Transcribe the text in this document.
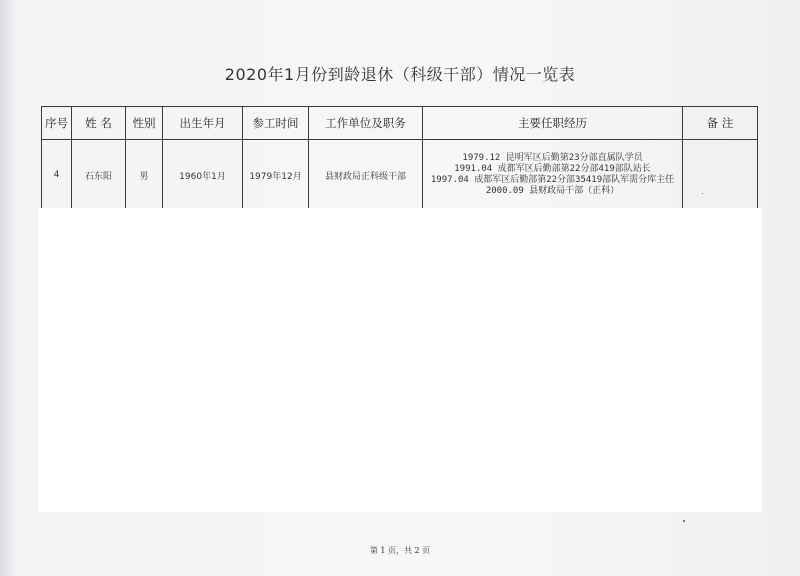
2020年1月份到龄退休（科级干部）情况一览表
序号	姓 名	性别	出生年月	参工时间	工作单位及职务	主要任职经历	备 注
4	石东阳	男	1960年1月	1979年12月	县财政局正科级干部	1979.12 昆明军区后勤第23分部直属队学员
1991.04 成都军区后勤部第22分部419部队站长
1997.04 成都军区后勤部第22分部35419部队军需分库主任
2000.09 县财政局干部（正科）	

第 1 页，共 2 页
